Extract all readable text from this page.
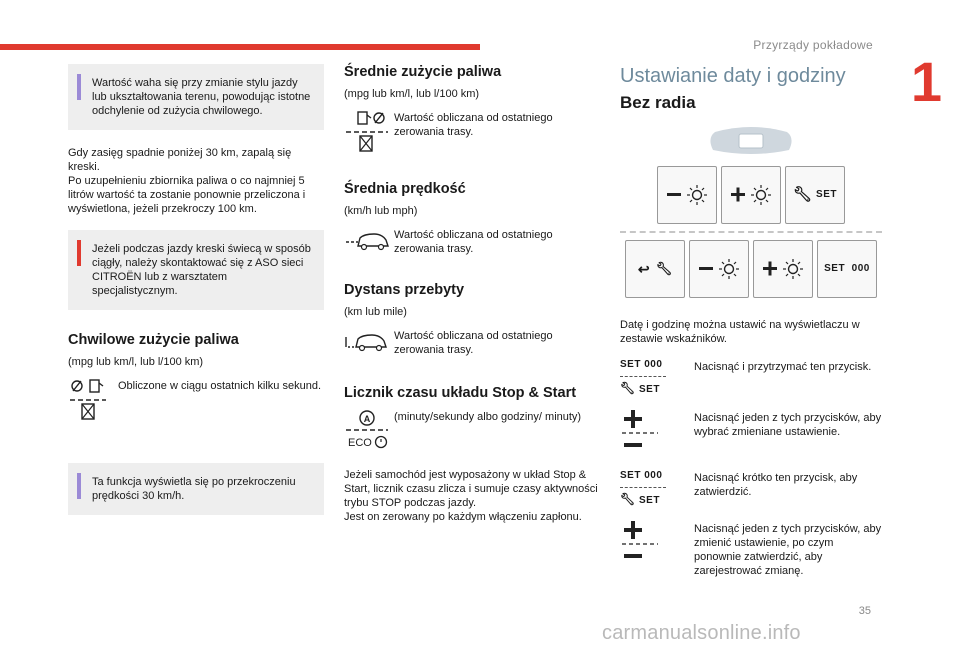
Przyrządy pokładowe
1
35
carmanualsonline.info
Wartość waha się przy zmianie stylu jazdy lub ukształtowania terenu, powodując istotne odchylenie od zużycia chwilowego.
Gdy zasięg spadnie poniżej 30 km, zapalą się kreski.
Po uzupełnieniu zbiornika paliwa o co najmniej 5 litrów wartość ta zostanie ponownie przeliczona i wyświetlona, jeżeli przekroczy 100 km.
Jeżeli podczas jazdy kreski świecą w sposób ciągły, należy skontaktować się z ASO sieci CITROËN lub z warsztatem specjalistycznym.
Chwilowe zużycie paliwa
(mpg lub km/l, lub l/100 km)
Obliczone w ciągu ostatnich kilku sekund.
Ta funkcja wyświetla się po przekroczeniu prędkości 30 km/h.
Średnie zużycie paliwa
(mpg lub km/l, lub l/100 km)
Wartość obliczana od ostatniego zerowania trasy.
Średnia prędkość
(km/h lub mph)
Wartość obliczana od ostatniego zerowania trasy.
Dystans przebyty
(km lub mile)
Wartość obliczana od ostatniego zerowania trasy.
Licznik czasu układu Stop & Start
A
ECO
(minuty/sekundy albo godziny/ minuty)
Jeżeli samochód jest wyposażony w układ Stop & Start, licznik czasu zlicza i sumuje czasy aktywności trybu STOP podczas jazdy.
Jest on zerowany po każdym włączeniu zapłonu.
Ustawianie daty i godziny
Bez radia
🔧︎ SET
↩ 🔧︎	SET  000
Datę i godzinę można ustawić na wyświetlaczu w zestawie wskaźników.
SET 000
🔧︎ SET
Nacisnąć i przytrzymać ten przycisk.
Nacisnąć jeden z tych przycisków, aby wybrać zmieniane ustawienie.
SET 000
🔧︎ SET
Nacisnąć krótko ten przycisk, aby zatwierdzić.
Nacisnąć jeden z tych przycisków, aby zmienić ustawienie, po czym ponownie zatwierdzić, aby zarejestrować zmianę.
